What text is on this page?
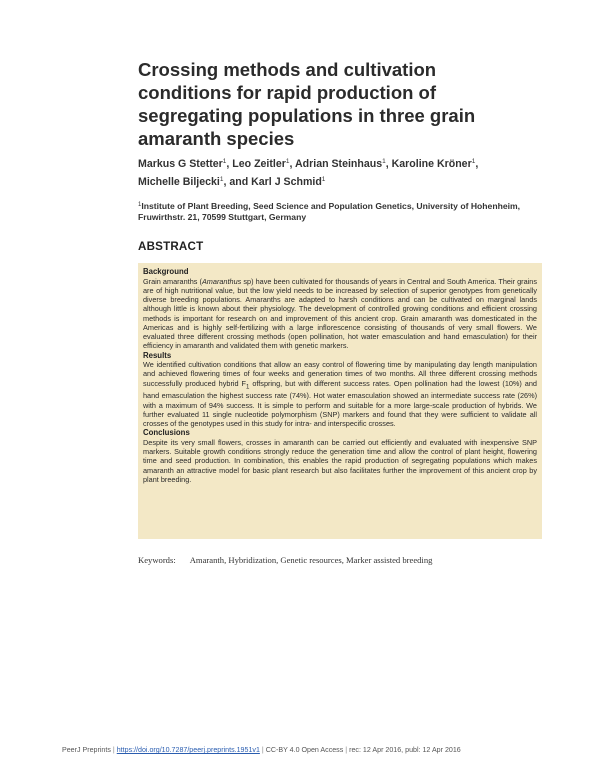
Crossing methods and cultivation conditions for rapid production of segregating populations in three grain amaranth species
Markus G Stetter$^1$, Leo Zeitler$^1$, Adrian Steinhaus$^1$, Karoline Kröner$^1$,
Michelle Biljecki$^1$, and Karl J Schmid$^1$
$^1$Institute of Plant Breeding, Seed Science and Population Genetics, University of Hohenheim, Fruwirthstr. 21, 70599 Stuttgart, Germany
ABSTRACT
Background

Grain amaranths (Amaranthus sp) have been cultivated for thousands of years in Central and South America. Their grains are of high nutritional value, but the low yield needs to be increased by selection of superior genotypes from genetically diverse breeding populations. Amaranths are adapted to harsh conditions and can be cultivated on marginal lands although little is known about their physiology. The development of controlled growing conditions and efficient crossing methods is important for research on and improvement of this ancient crop. Grain amaranth was domesticated in the Americas and is highly self-fertilizing with a large inflorescence consisting of thousands of very small flowers. We evaluated three different crossing methods (open pollination, hot water emasculation and hand emasculation) for their efficiency in amaranth and validated them with genetic markers.

Results

We identified cultivation conditions that allow an easy control of flowering time by manipulating day length manipulation and achieved flowering times of four weeks and generation times of two months. All three different crossing methods successfully produced hybrid $F_1$ offspring, but with different success rates. Open pollination had the lowest (10%) and hand emasculation the highest success rate (74%). Hot water emasculation showed an intermediate success rate (26%) with a maximum of 94% success. It is simple to perform and suitable for a more large-scale production of hybrids. We further evaluated 11 single nucleotide polymorphism (SNP) markers and found that they were sufficient to validate all crosses of the genotypes used in this study for intra- and interspecific crosses.

Conclusions

Despite its very small flowers, crosses in amaranth can be carried out efficiently and evaluated with inexpensive SNP markers. Suitable growth conditions strongly reduce the generation time and allow the control of plant height, flowering time and seed production. In combination, this enables the rapid production of segregating populations which makes amaranth an attractive model for basic plant research but also facilitates further the improvement of this ancient crop by plant breeding.

Keywords: Amaranth, Hybridization, Genetic resources, Marker assisted breeding
PeerJ Preprints | https://doi.org/10.7287/peerj.preprints.1951v1 | CC-BY 4.0 Open Access | rec: 12 Apr 2016, publ: 12 Apr 2016
